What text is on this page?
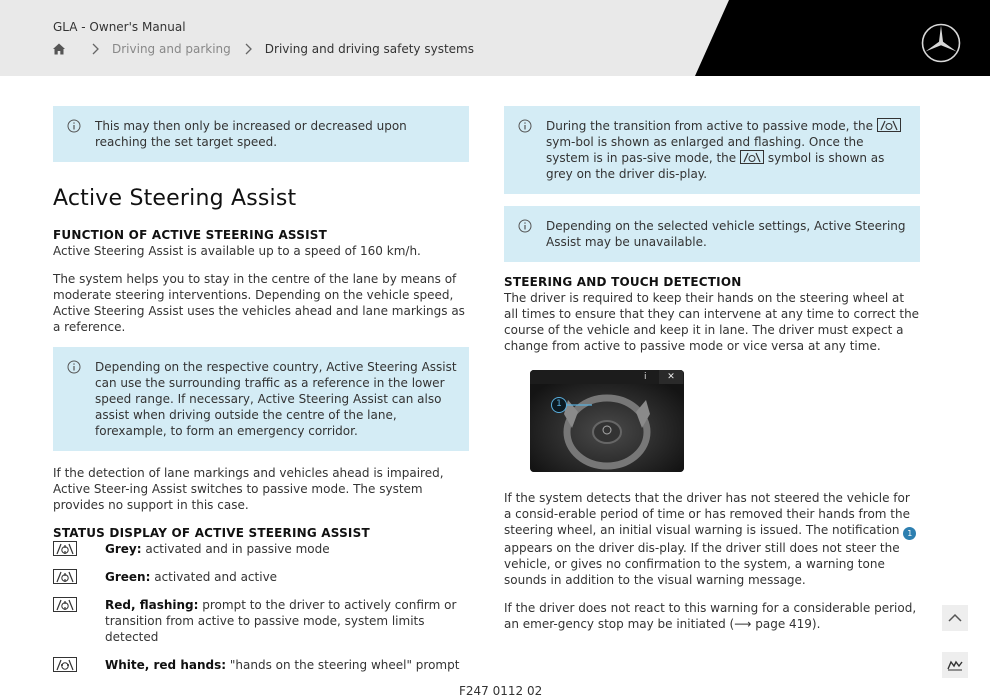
GLA - Owner's Manual
Driving and parking	Driving and driving safety systems

This may then only be increased or decreased upon reaching the set target speed.

Active Steering Assist
FUNCTION OF ACTIVE STEERING ASSIST

Active Steering Assist is available up to a speed of 160 km/h.

The system helps you to stay in the centre of the lane by means of moderate steering interventions. Depending on the vehicle speed, Active Steering Assist uses the vehicles ahead and lane markings as a reference.

Depending on the respective country, Active Steering Assist can use the surrounding traffic as a reference in the lower speed range. If necessary, Active Steering Assist can also assist when driving outside the centre of the lane, forexample, to form an emergency corridor.

If the detection of lane markings and vehicles ahead is impaired, Active Steer-ing Assist switches to passive mode. The system provides no support in this case.

STATUS DISPLAY OF ACTIVE STEERING ASSIST
Grey: activated and in passive mode
Green: activated and active
Red, flashing: prompt to the driver to actively confirm or transition from active to passive mode, system limits detected
White, red hands: "hands on the steering wheel" prompt

During the transition from active to passive mode, the  sym-bol is shown as enlarged and flashing. Once the system is in pas-sive mode, the	symbol is shown as grey on the driver dis-play.

Depending on the selected vehicle settings, Active Steering Assist may be unavailable.

STEERING AND TOUCH DETECTION

The driver is required to keep their hands on the steering wheel at all times to ensure that they can intervene at any time to correct the course of the vehicle and keep it in lane. The driver must expect a change from active to passive mode or vice versa at any time.

1
i	✕

If the system detects that the driver has not steered the vehicle for a consid-erable period of time or has removed their hands from the steering wheel, an initial visual warning is issued. The notification 1 appears on the driver dis-play. If the driver still does not steer the vehicle, or gives no confirmation to the system, a warning tone sounds in addition to the visual warning message.

If the driver does not react to this warning for a considerable period, an emer-gency stop may be initiated (⟶ page 419).

F247 0112 02
